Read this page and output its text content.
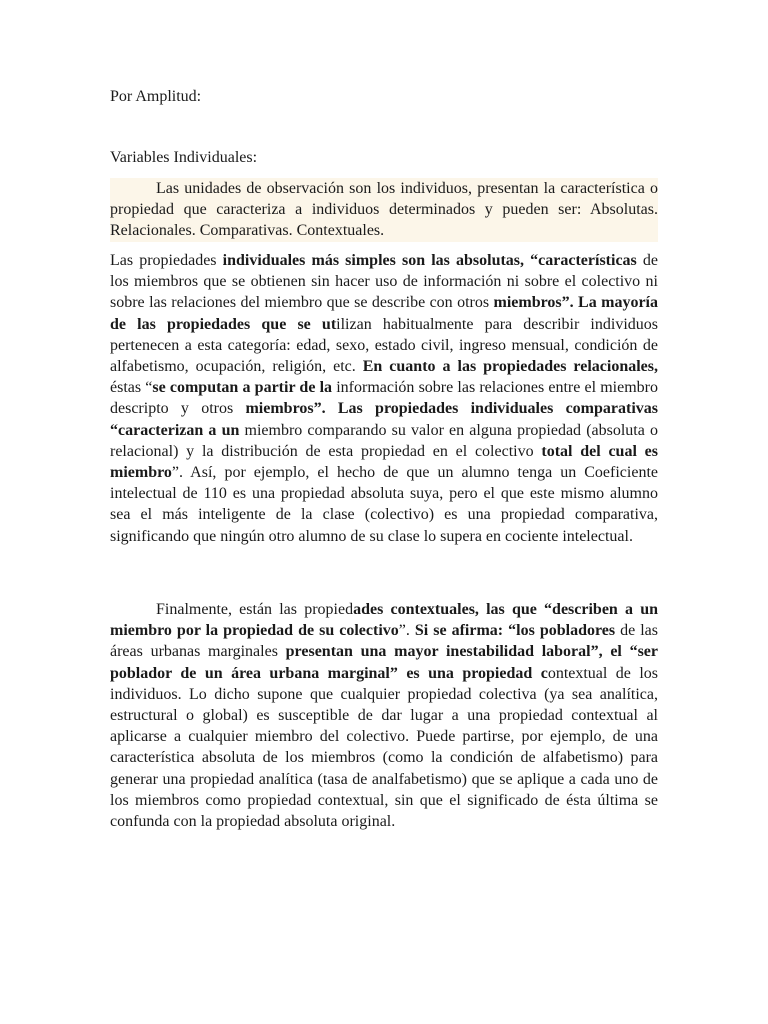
Por Amplitud:

Variables Individuales:

Las unidades de observación son los individuos, presentan la característica o propiedad que caracteriza a individuos determinados y pueden ser: Absolutas. Relacionales. Comparativas. Contextuales.

Las propiedades individuales más simples son las absolutas, “características de los miembros que se obtienen sin hacer uso de información ni sobre el colectivo ni sobre las relaciones del miembro que se describe con otros miembros”. La mayoría de las propiedades que se utilizan habitualmente para describir individuos pertenecen a esta categoría: edad, sexo, estado civil, ingreso mensual, condición de alfabetismo, ocupación, religión, etc. En cuanto a las propiedades relacionales, éstas “se computan a partir de la información sobre las relaciones entre el miembro descripto y otros miembros”. Las propiedades individuales comparativas “caracterizan a un miembro comparando su valor en alguna propiedad (absoluta o relacional) y la distribución de esta propiedad en el colectivo total del cual es miembro”. Así, por ejemplo, el hecho de que un alumno tenga un Coeficiente intelectual de 110 es una propiedad absoluta suya, pero el que este mismo alumno sea el más inteligente de la clase (colectivo) es una propiedad comparativa, significando que ningún otro alumno de su clase lo supera en cociente intelectual.

Finalmente, están las propiedades contextuales, las que “describen a un miembro por la propiedad de su colectivo”. Si se afirma: “los pobladores de las áreas urbanas marginales presentan una mayor inestabilidad laboral”, el “ser poblador de un área urbana marginal” es una propiedad contextual de los individuos. Lo dicho supone que cualquier propiedad colectiva (ya sea analítica, estructural o global) es susceptible de dar lugar a una propiedad contextual al aplicarse a cualquier miembro del colectivo. Puede partirse, por ejemplo, de una característica absoluta de los miembros (como la condición de alfabetismo) para generar una propiedad analítica (tasa de analfabetismo) que se aplique a cada uno de los miembros como propiedad contextual, sin que el significado de ésta última se confunda con la propiedad absoluta original.
